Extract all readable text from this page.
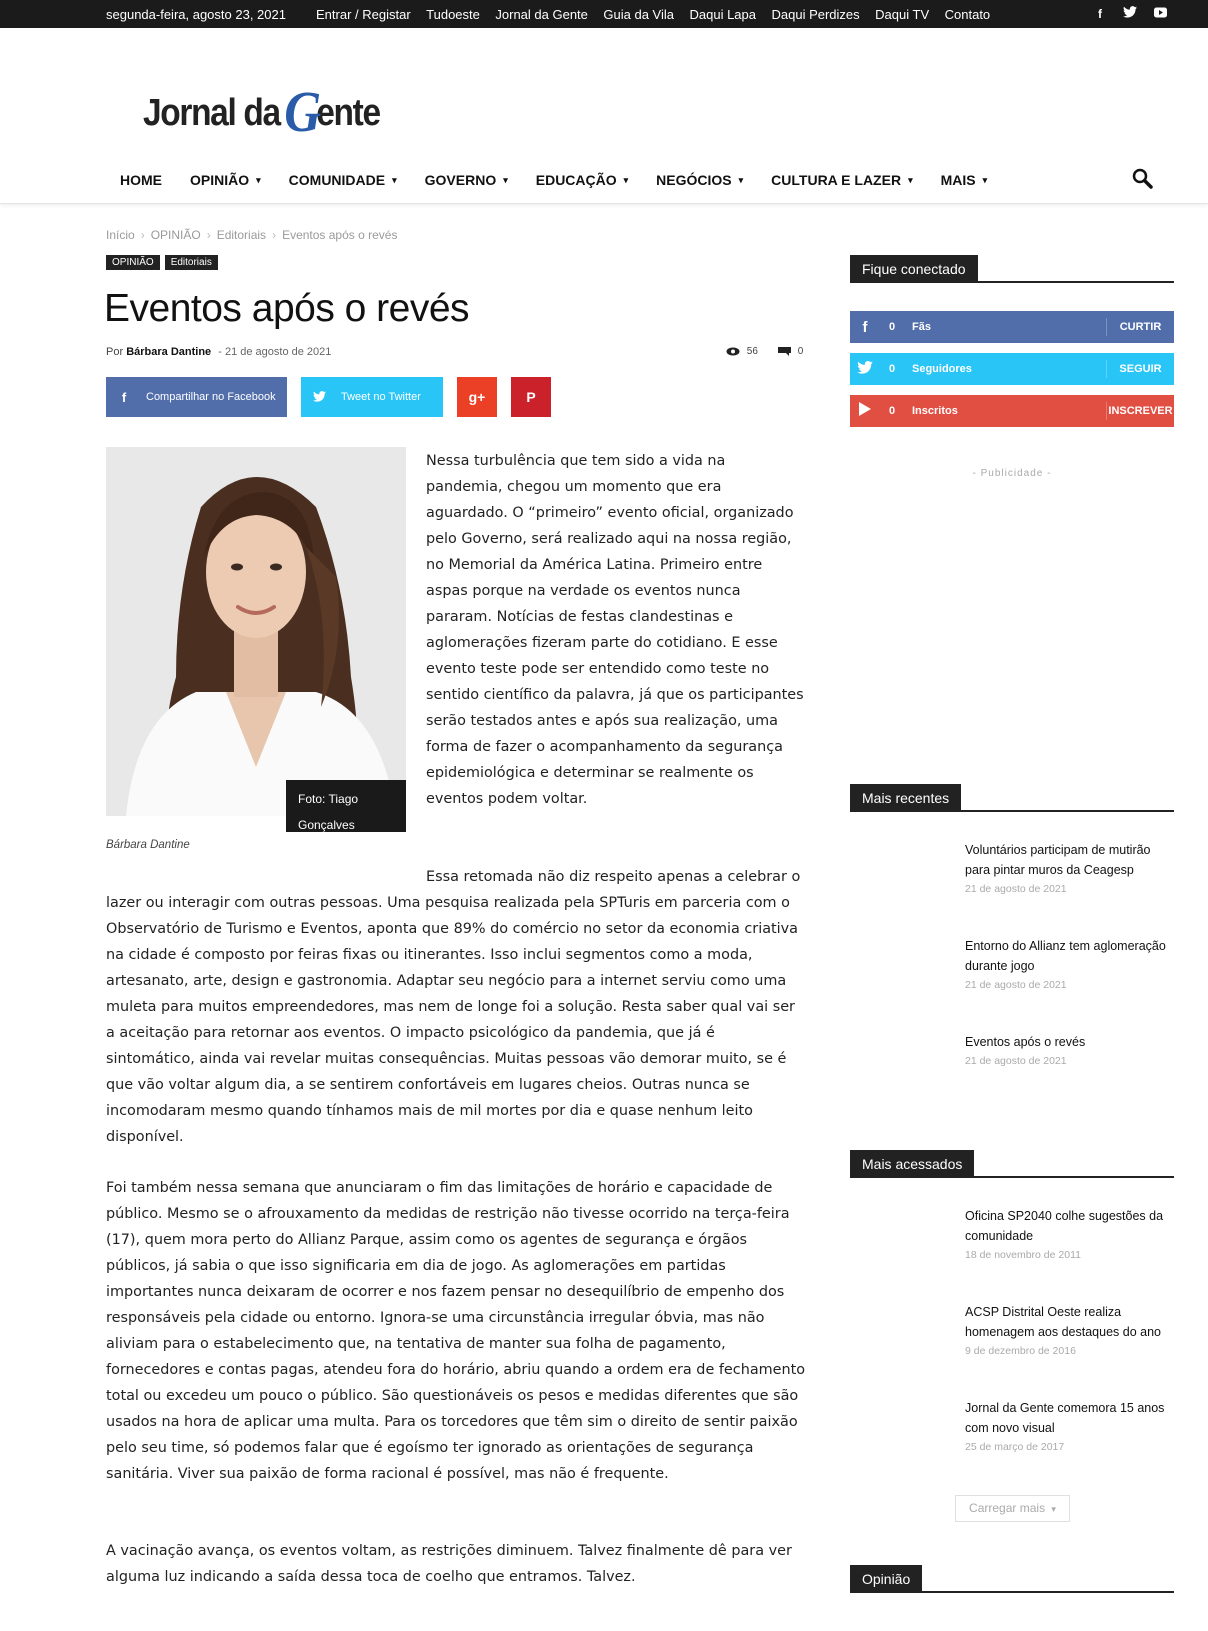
segunda-feira, agosto 23, 2021 Entrar / Registar Tudoeste Jornal da Gente Guia da Vila Daqui Lapa Daqui Perdizes Daqui TV Contato	f
Jornal da Gente
HOME OPINIÃO ▾ COMUNIDADE ▾ GOVERNO ▾ EDUCAÇÃO ▾ NEGÓCIOS ▾ CULTURA E LAZER ▾ MAIS ▾
Início › OPINIÃO › Editoriais › Eventos após o revés
OPINIÃO	Editoriais
Eventos após o revés
Por Bárbara Dantine - 21 de agosto de 2021	56	0
f	Compartilhar no Facebook	Tweet no Twitter	g+	P
Foto: Tiago Gonçalves
Bárbara Dantine

Nessa turbulência que tem sido a vida na pandemia, chegou um momento que era aguardado. O “primeiro” evento oficial, organizado pelo Governo, será realizado aqui na nossa região, no Memorial da América Latina. Primeiro entre aspas porque na verdade os eventos nunca pararam. Notícias de festas clandestinas e aglomerações fizeram parte do cotidiano. E esse evento teste pode ser entendido como teste no sentido científico da palavra, já que os participantes serão testados antes e após sua realização, uma forma de fazer o acompanhamento da segurança epidemiológica e determinar se realmente os eventos podem voltar.

Essa retomada não diz respeito apenas a celebrar o lazer ou interagir com outras pessoas. Uma pesquisa realizada pela SPTuris em parceria com o Observatório de Turismo e Eventos, aponta que 89% do comércio no setor da economia criativa na cidade é composto por feiras fixas ou itinerantes. Isso inclui segmentos como a moda, artesanato, arte, design e gastronomia. Adaptar seu negócio para a internet serviu como uma muleta para muitos empreendedores, mas nem de longe foi a solução. Resta saber qual vai ser a aceitação para retornar aos eventos. O impacto psicológico da pandemia, que já é sintomático, ainda vai revelar muitas consequências. Muitas pessoas vão demorar muito, se é que vão voltar algum dia, a se sentirem confortáveis em lugares cheios. Outras nunca se incomodaram mesmo quando tínhamos mais de mil mortes por dia e quase nenhum leito disponível.

Foi também nessa semana que anunciaram o fim das limitações de horário e capacidade de público. Mesmo se o afrouxamento da medidas de restrição não tivesse ocorrido na terça-feira (17), quem mora perto do Allianz Parque, assim como os agentes de segurança e órgãos públicos, já sabia o que isso significaria em dia de jogo. As aglomerações em partidas importantes nunca deixaram de ocorrer e nos fazem pensar no desequilíbrio de empenho dos responsáveis pela cidade ou entorno. Ignora-se uma circunstância irregular óbvia, mas não aliviam para o estabelecimento que, na tentativa de manter sua folha de pagamento, fornecedores e contas pagas, atendeu fora do horário, abriu quando a ordem era de fechamento total ou excedeu um pouco o público. São questionáveis os pesos e medidas diferentes que são usados na hora de aplicar uma multa. Para os torcedores que têm sim o direito de sentir paixão pelo seu time, só podemos falar que é egoísmo ter ignorado as orientações de segurança sanitária. Viver sua paixão de forma racional é possível, mas não é frequente.

A vacinação avança, os eventos voltam, as restrições diminuem. Talvez finalmente dê para ver alguma luz indicando a saída dessa toca de coelho que entramos. Talvez.

Fique conectado
f	0	Fãs	CURTIR
0	Seguidores	SEGUIR
0	Inscritos	INSCREVER
- Publicidade -
Mais recentes
Voluntários participam de mutirão para pintar muros da Ceagesp
21 de agosto de 2021
Entorno do Allianz tem aglomeração durante jogo
21 de agosto de 2021
Eventos após o revés
21 de agosto de 2021
Mais acessados
Oficina SP2040 colhe sugestões da comunidade
18 de novembro de 2011
ACSP Distrital Oeste realiza homenagem aos destaques do ano
9 de dezembro de 2016
Jornal da Gente comemora 15 anos com novo visual
25 de março de 2017
Carregar mais ▾
Opinião
